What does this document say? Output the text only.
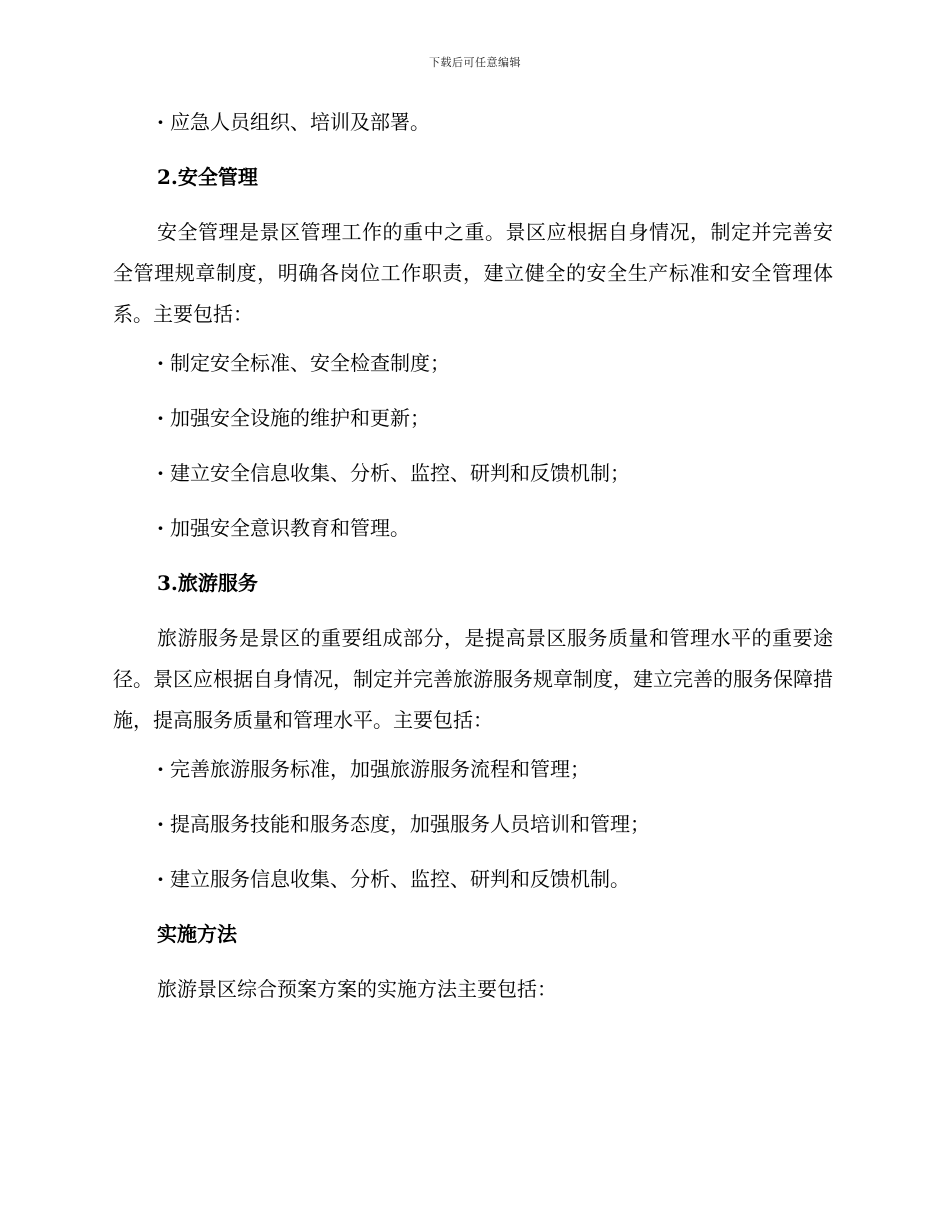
下载后可任意编辑
· 应急人员组织、培训及部署。
2.安全管理

安全管理是景区管理工作的重中之重。景区应根据自身情况，制定并完善安全管理规章制度，明确各岗位工作职责，建立健全的安全生产标准和安全管理体系。主要包括：

· 制定安全标准、安全检查制度；
· 加强安全设施的维护和更新；
· 建立安全信息收集、分析、监控、研判和反馈机制；
· 加强安全意识教育和管理。
3.旅游服务

旅游服务是景区的重要组成部分，是提高景区服务质量和管理水平的重要途径。景区应根据自身情况，制定并完善旅游服务规章制度，建立完善的服务保障措施，提高服务质量和管理水平。主要包括：

· 完善旅游服务标准，加强旅游服务流程和管理；
· 提高服务技能和服务态度，加强服务人员培训和管理；
· 建立服务信息收集、分析、监控、研判和反馈机制。
实施方法
旅游景区综合预案方案的实施方法主要包括：
